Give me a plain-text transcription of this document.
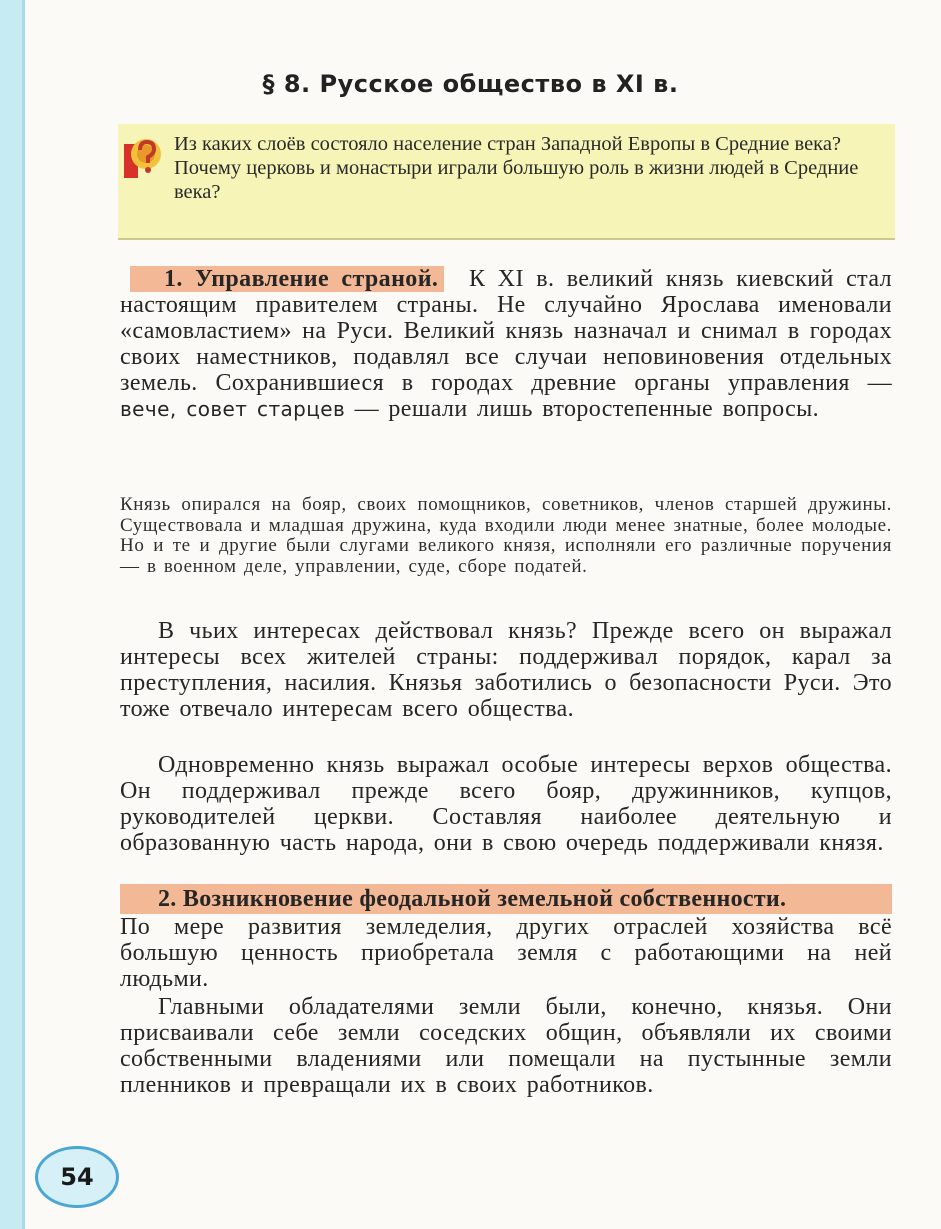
§ 8. Русское общество в XI в.

Из каких слоёв состояло население стран Западной Европы в Средние века?

Почему церковь и монастыри играли большую роль в жизни людей в Средние века?

1. Управление страной. К XI в. великий князь киевский стал настоящим правителем страны. Не случайно Ярослава именовали «самовластием» на Руси. Великий князь назначал и снимал в городах своих наместников, подавлял все случаи неповиновения отдельных земель. Сохранившиеся в городах древние органы управления — вече, совет старцев — решали лишь второстепенные вопросы.

Князь опирался на бояр, своих помощников, советников, членов старшей дружины. Существовала и младшая дружина, куда входили люди менее знатные, более молодые. Но и те и другие были слугами великого князя, исполняли его различные поручения — в военном деле, управлении, суде, сборе податей.

В чьих интересах действовал князь? Прежде всего он выражал интересы всех жителей страны: поддерживал порядок, карал за преступления, насилия. Князья заботились о безопасности Руси. Это тоже отвечало интересам всего общества.

Одновременно князь выражал особые интересы верхов общества. Он поддерживал прежде всего бояр, дружинников, купцов, руководителей церкви. Составляя наиболее деятельную и образованную часть народа, они в свою очередь поддерживали князя.

2. Возникновение феодальной земельной собственности.

По мере развития земледелия, других отраслей хозяйства всё большую ценность приобретала земля с работающими на ней людьми.

Главными обладателями земли были, конечно, князья. Они присваивали себе земли соседских общин, объявляли их своими собственными владениями или помещали на пустынные земли пленников и превращали их в своих работников.

54
